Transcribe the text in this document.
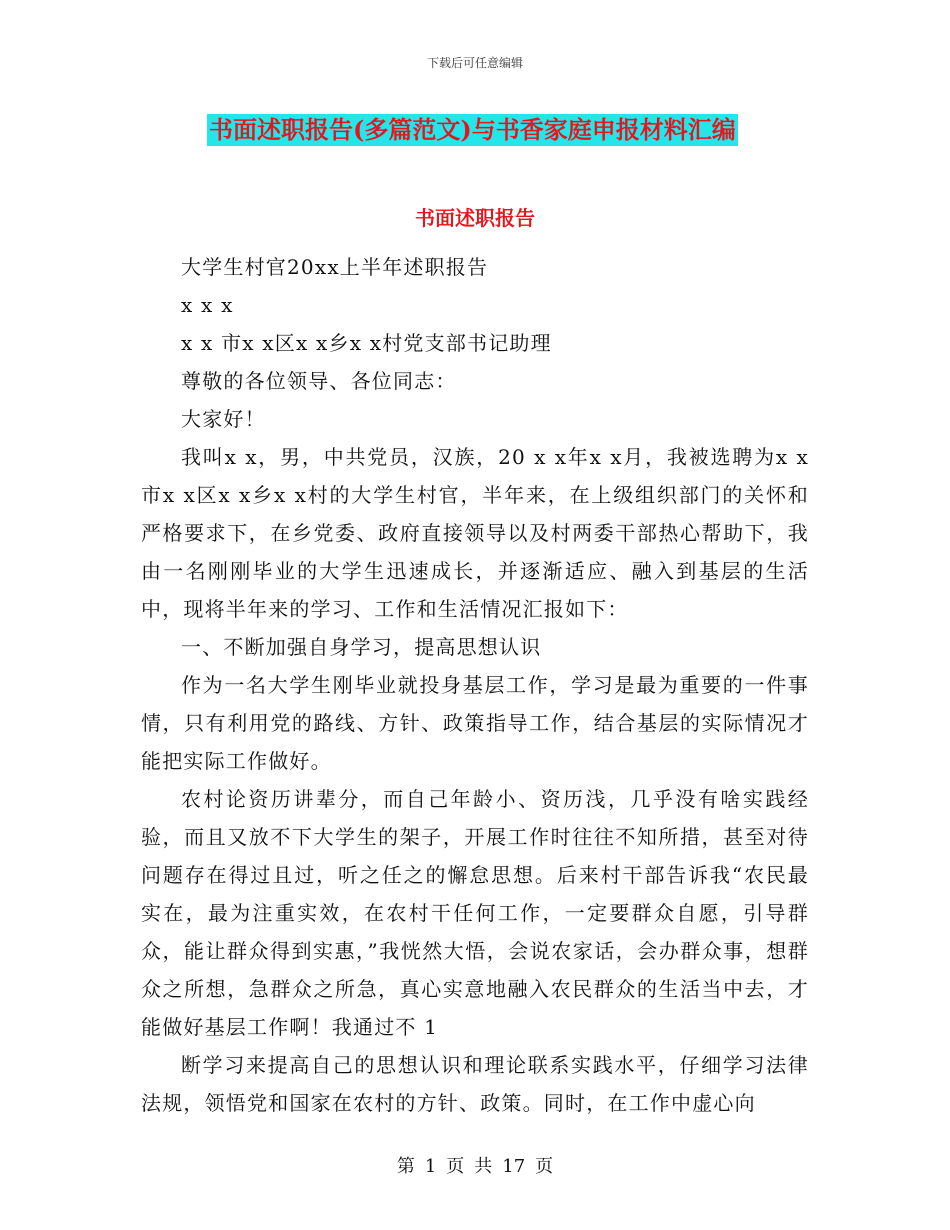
下载后可任意编辑
书面述职报告(多篇范文)与书香家庭申报材料汇编
书面述职报告

大学生村官20xx上半年述职报告

x x x

x x 市x x区x x乡x x村党支部书记助理

尊敬的各位领导、各位同志：

大家好！

我叫x x，男，中共党员，汉族，20 x x年x x月，我被选聘为x x市x x区x x乡x x村的大学生村官，半年来，在上级组织部门的关怀和严格要求下，在乡党委、政府直接领导以及村两委干部热心帮助下，我由一名刚刚毕业的大学生迅速成长，并逐渐适应、融入到基层的生活中，现将半年来的学习、工作和生活情况汇报如下：

一、不断加强自身学习，提高思想认识

作为一名大学生刚毕业就投身基层工作，学习是最为重要的一件事情，只有利用党的路线、方针、政策指导工作，结合基层的实际情况才能把实际工作做好。

农村论资历讲辈分，而自己年龄小、资历浅，几乎没有啥实践经验，而且又放不下大学生的架子，开展工作时往往不知所措，甚至对待问题存在得过且过，听之任之的懈怠思想。后来村干部告诉我“农民最实在，最为注重实效，在农村干任何工作，一定要群众自愿，引导群众，能让群众得到实惠，”我恍然大悟，会说农家话，会办群众事，想群众之所想，急群众之所急，真心实意地融入农民群众的生活当中去，才能做好基层工作啊！我通过不 1

断学习来提高自己的思想认识和理论联系实践水平，仔细学习法律法规，领悟党和国家在农村的方针、政策。同时，在工作中虚心向

第 1 页 共 17 页
